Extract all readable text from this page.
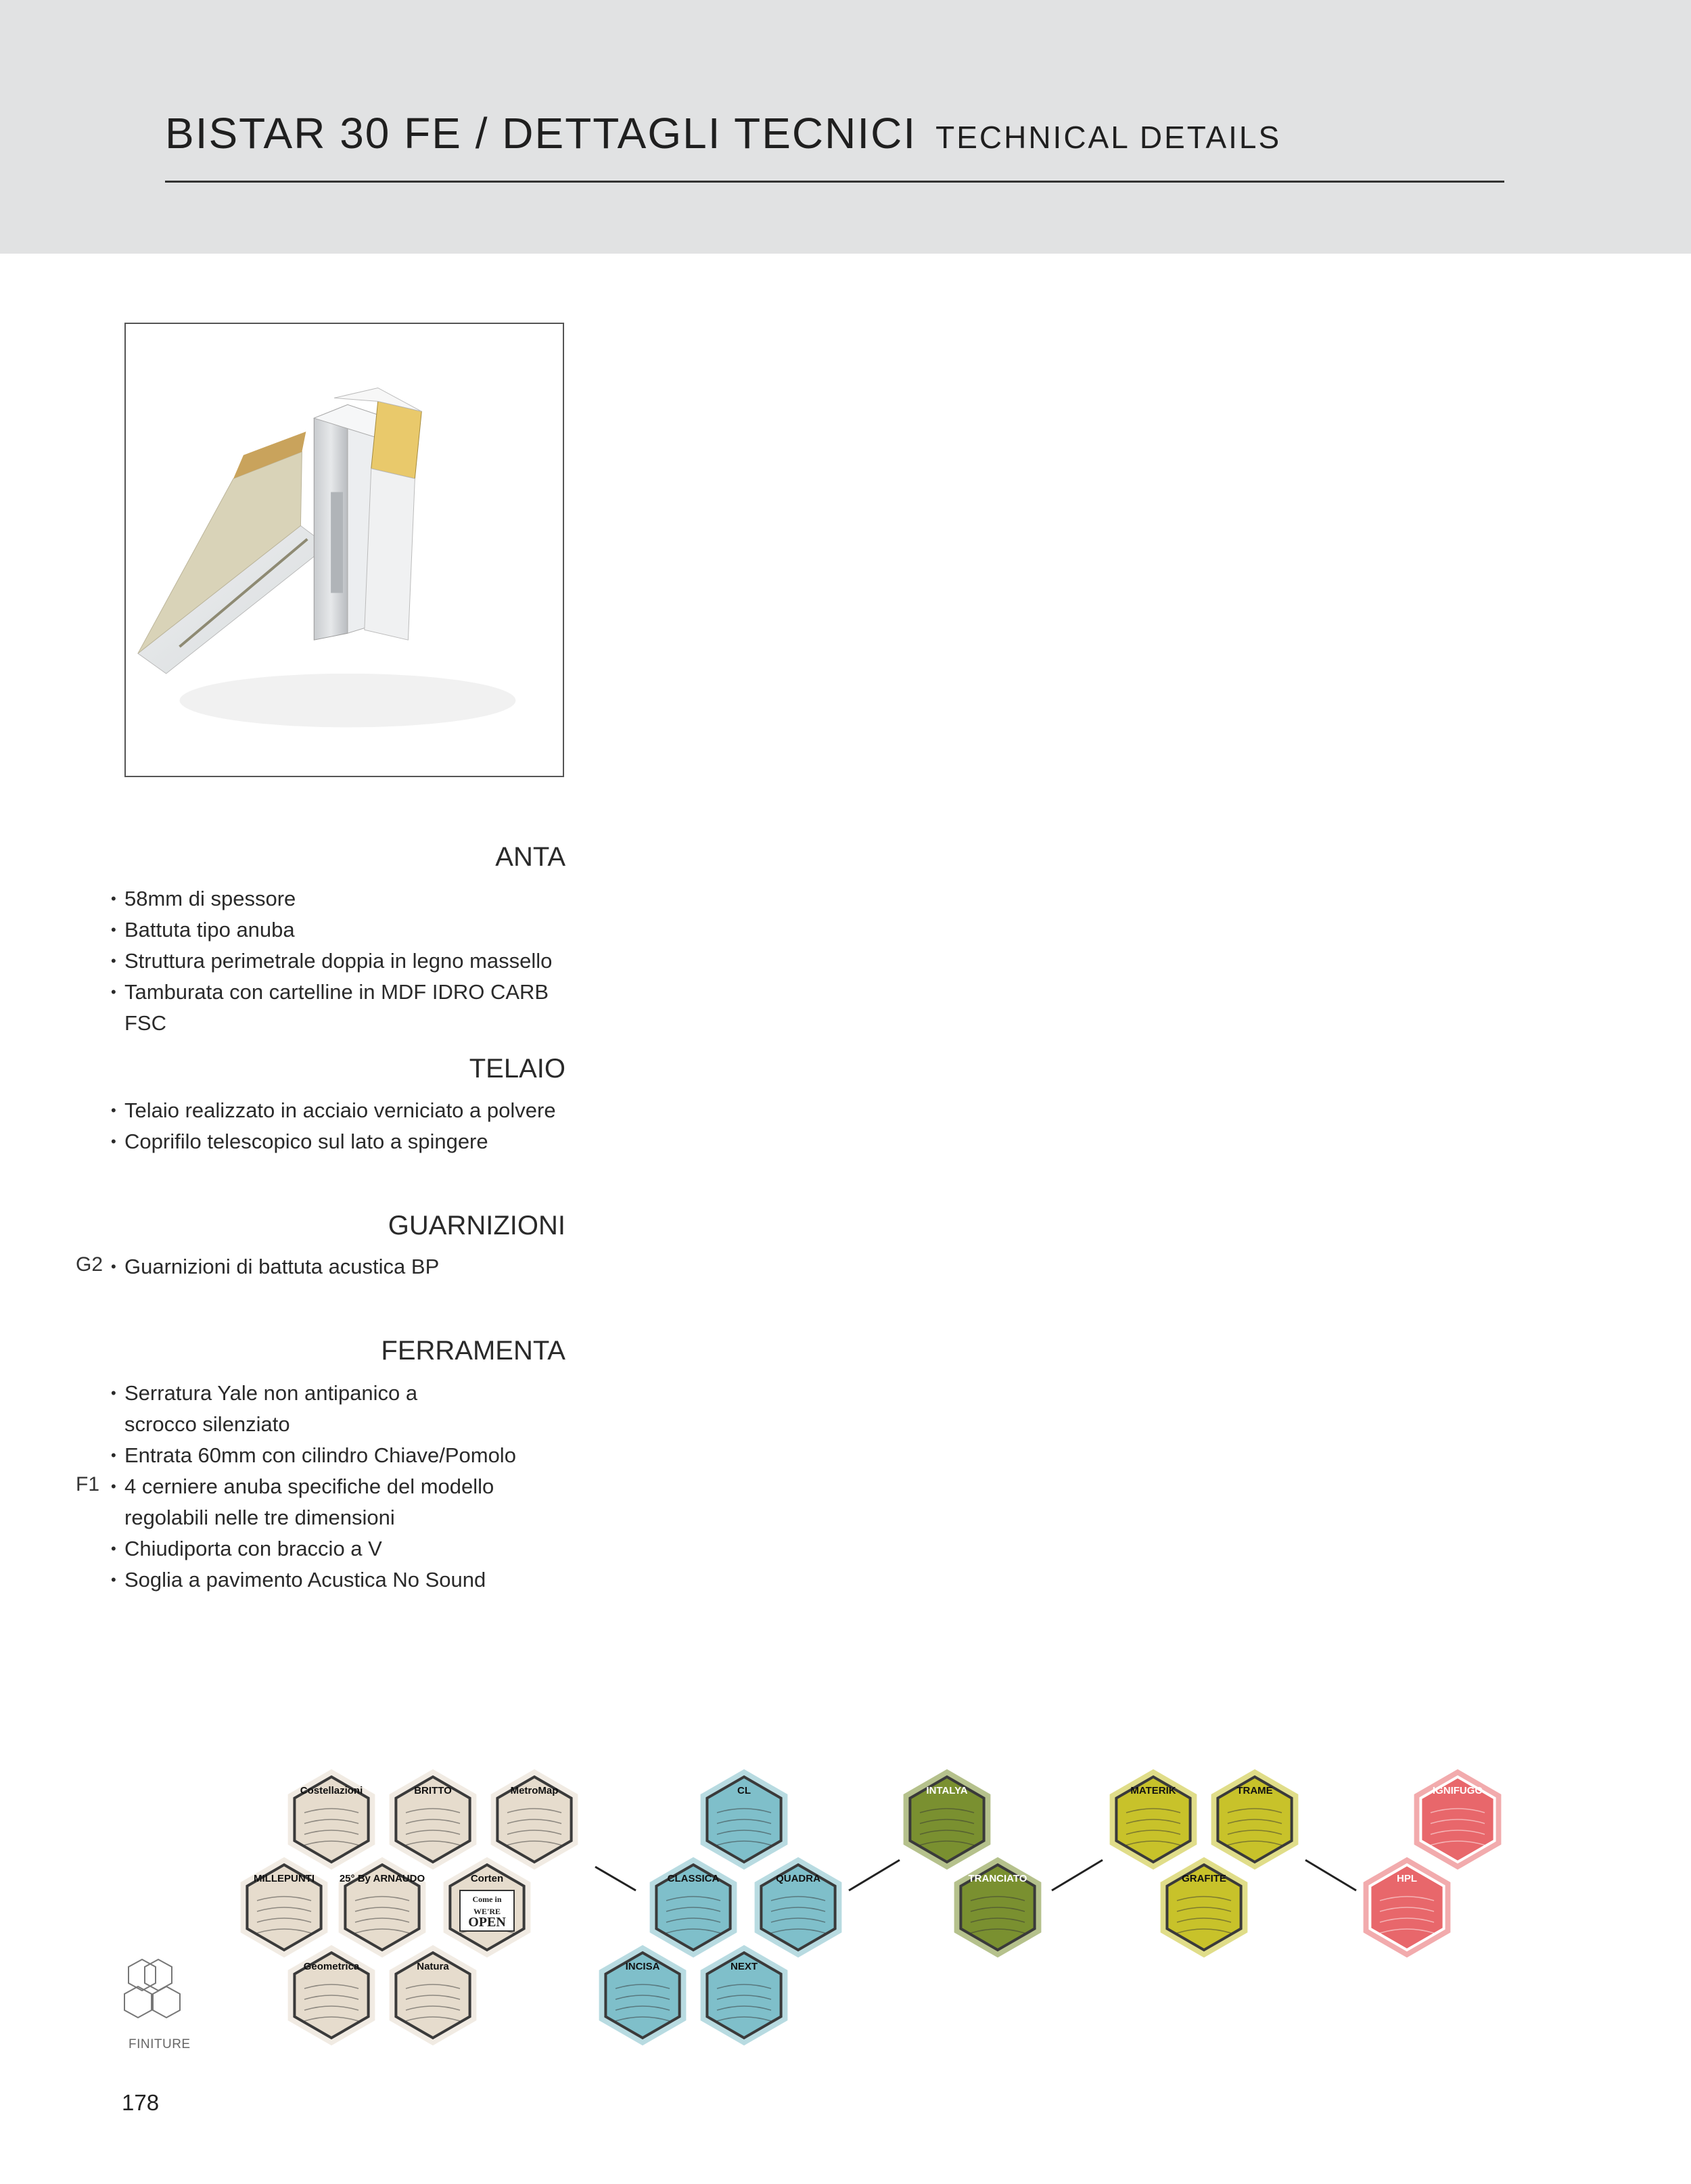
BISTAR 30 FE / DETTAGLI TECNICI TECHNICAL DETAILS
ANTA
• 58mm di spessore
• Battuta tipo anuba
• Struttura perimetrale doppia in legno massello
• Tamburata con cartelline in MDF IDRO CARB
FSC
TELAIO
• Telaio realizzato in acciaio verniciato a polvere
• Coprifilo telescopico sul lato a spingere
GUARNIZIONI
G2
•	Guarnizioni di battuta acustica BP
FERRAMENTA
• Serratura Yale non antipanico a
scrocco silenziato
• Entrata 60mm con cilindro Chiave/Pomolo
• 4 cerniere anuba specifiche del modello
F1
regolabili nelle tre dimensioni
• Chiudiporta con braccio a V
• Soglia a pavimento Acustica No Sound
Costellazioni	BRITTO	MetroMap
MILLEPUNTI 25° By ARNAUDO	Corten
Geometrica	Natura
CL
CLASSICA	QUADRA
INCISA	NEXT
INTALYA
TRANCIATO
MATERIK	TRAME
GRAFITE
IGNIFUGO
HPL
Come in
WE'RE
OPEN
FINITURE
178
